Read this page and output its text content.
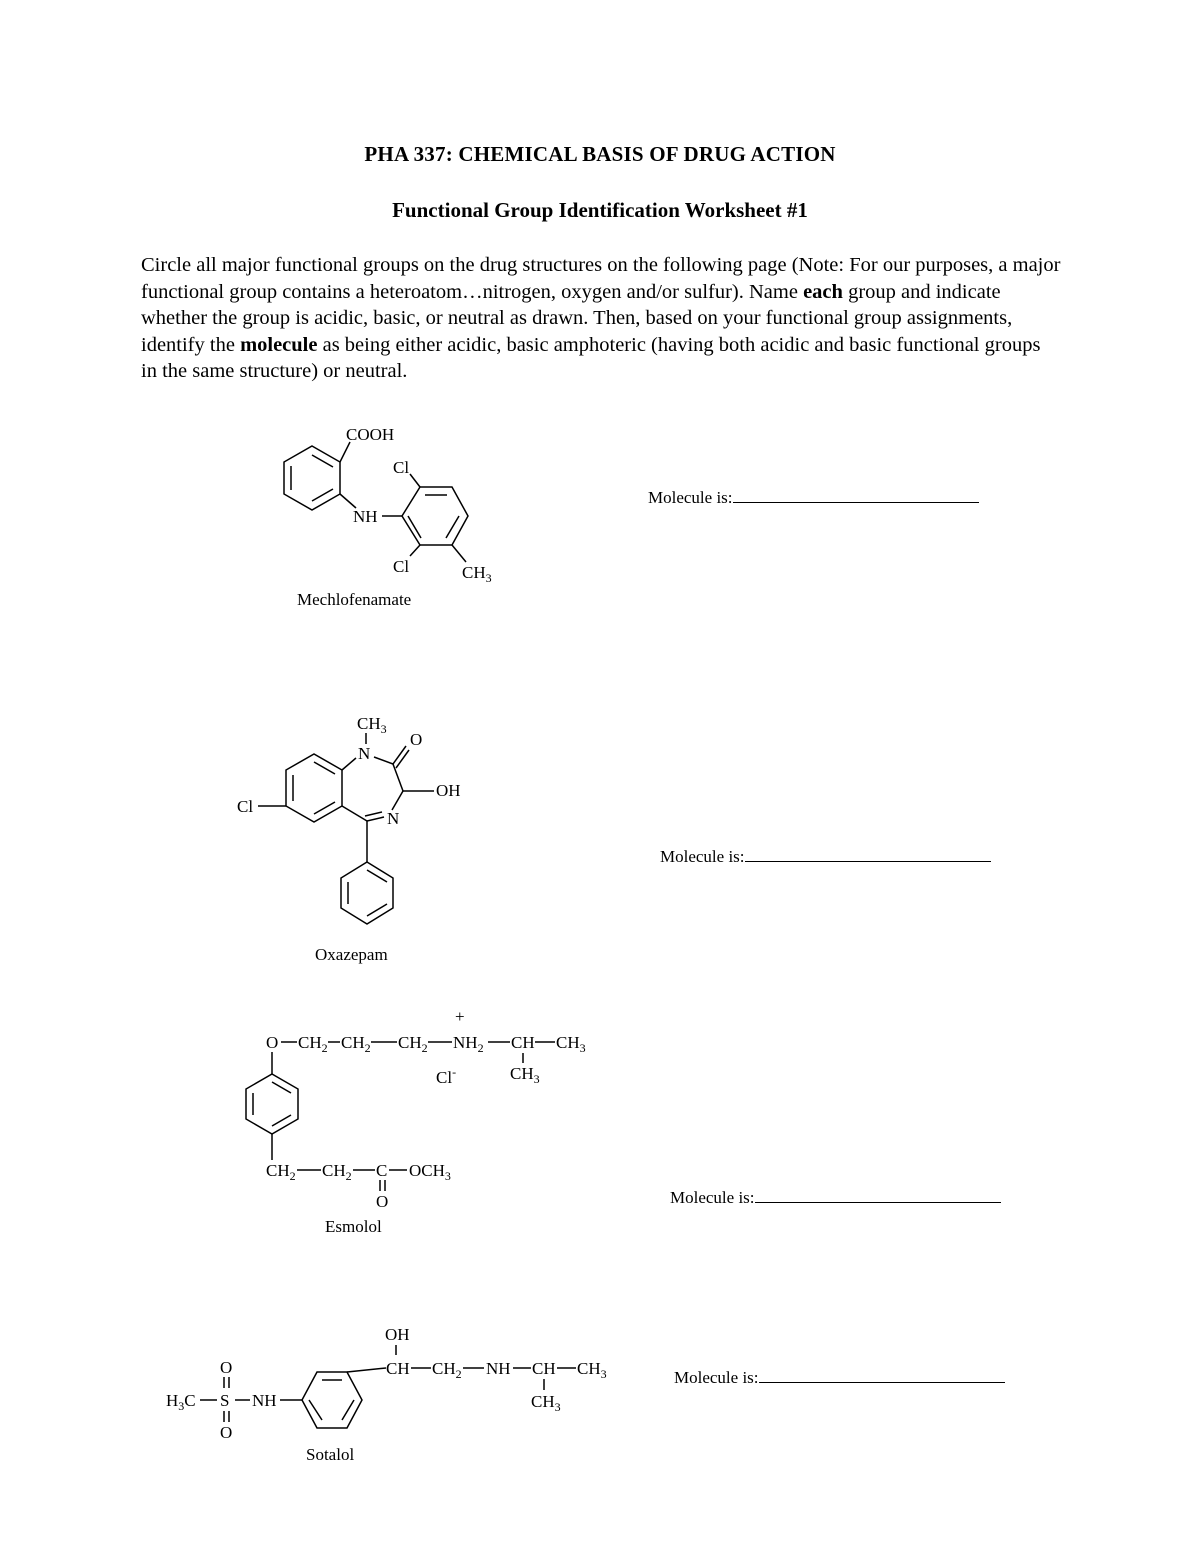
PHA 337: CHEMICAL BASIS OF DRUG ACTION
Functional Group Identification Worksheet #1
Circle all major functional groups on the drug structures on the following page (Note: For our purposes, a major functional group contains a heteroatom…nitrogen, oxygen and/or sulfur). Name each group and indicate whether the group is acidic, basic, or neutral as drawn. Then, based on your functional group assignments, identify the molecule as being either acidic, basic amphoteric (having both acidic and basic functional groups in the same structure) or neutral.
COOH
NH
Cl
Cl	$CH_3$
Mechlofenamate
$CH_3$
N
O
OH
N
Cl
Oxazepam
+
O $CH_2$ $CH_2$ $CH_2$ $NH_2$ CH $CH_3$
Cl-	$CH_3$
$CH_2$ $CH_2$ C $OCH_3$
O
Esmolol
O
$H_3C$ S NH
O
OH
CH $CH_2$ NH CH $CH_3$
$CH_3$
Sotalol
Molecule is:
Molecule is:
Molecule is:
Molecule is:
